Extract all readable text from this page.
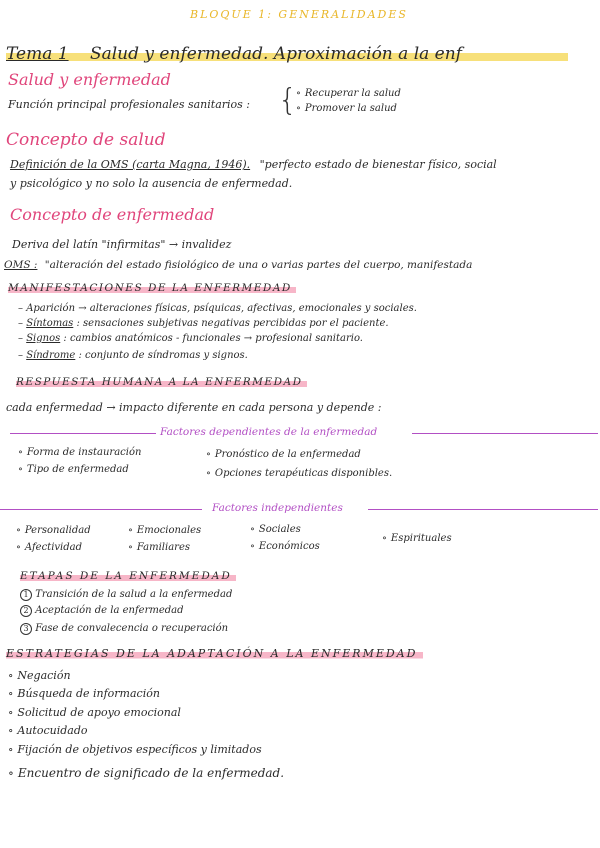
BLOQUE 1: GENERALIDADES
Tema 1 Salud y enfermedad. Aproximación a la enf
Salud y enfermedad
Función principal profesionales sanitarios : {
∘ Recuperar la salud
∘ Promover la salud
Concepto de salud
Definición de la OMS (carta Magna, 1946). "perfecto estado de bienestar físico, social
y psicológico y no solo la ausencia de enfermedad.
Concepto de enfermedad
Deriva del latín "infirmitas" → invalidez
OMS : "alteración del estado fisiológico de una o varias partes del cuerpo, manifestada
MANIFESTACIONES DE LA ENFERMEDAD
– Aparición → alteraciones físicas, psíquicas, afectivas, emocionales y sociales.
– Síntomas : sensaciones subjetivas negativas percibidas por el paciente.
– Signos : cambios anatómicos - funcionales → profesional sanitario.
– Síndrome : conjunto de síndromas y signos.
RESPUESTA HUMANA A LA ENFERMEDAD
cada enfermedad → impacto diferente en cada persona y depende :
Factores dependientes de la enfermedad
∘ Forma de instauración
∘ Tipo de enfermedad
∘ Pronóstico de la enfermedad
∘ Opciones terapéuticas disponibles.
Factores independientes
∘ Personalidad
∘ Afectividad
∘ Emocionales
∘ Familiares
∘ Sociales
∘ Económicos
∘ Espirituales
ETAPAS DE LA ENFERMEDAD
1 Transición de la salud a la enfermedad
2 Aceptación de la enfermedad
3 Fase de convalecencia o recuperación
ESTRATEGIAS DE LA ADAPTACIÓN A LA ENFERMEDAD
∘ Negación
∘ Búsqueda de información
∘ Solicitud de apoyo emocional
∘ Autocuidado
∘ Fijación de objetivos específicos y limitados
∘ Encuentro de significado de la enfermedad.
